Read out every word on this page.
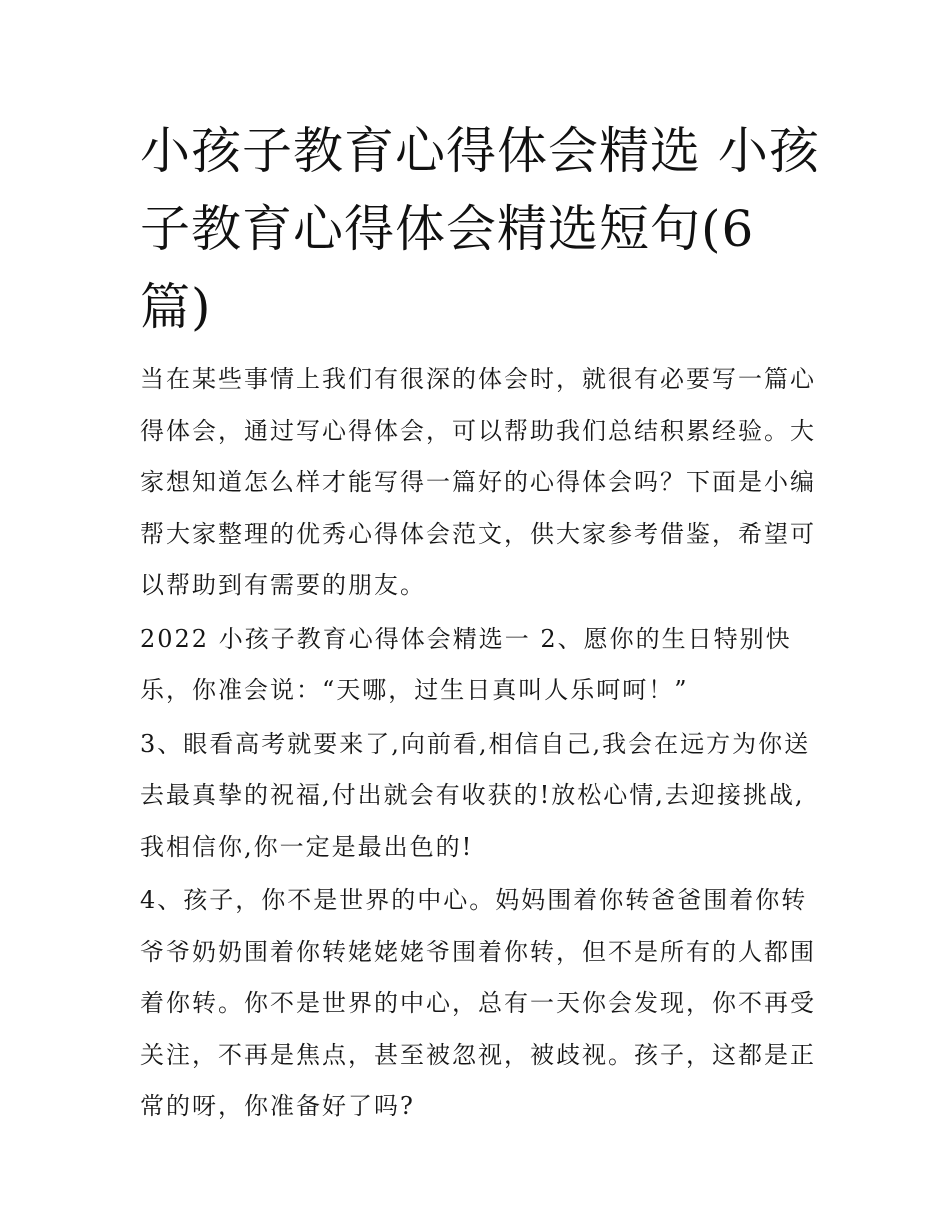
小孩子教育心得体会精选 小孩子教育心得体会精选短句(6篇)

当在某些事情上我们有很深的体会时，就很有必要写一篇心得体会，通过写心得体会，可以帮助我们总结积累经验。大家想知道怎么样才能写得一篇好的心得体会吗？下面是小编帮大家整理的优秀心得体会范文，供大家参考借鉴，希望可以帮助到有需要的朋友。

2022 小孩子教育心得体会精选一 2、愿你的生日特别快乐，你准会说：“天哪，过生日真叫人乐呵呵！”

3、眼看高考就要来了,向前看,相信自己,我会在远方为你送去最真挚的祝福,付出就会有收获的!放松心情,去迎接挑战,我相信你,你一定是最出色的!

4、孩子，你不是世界的中心。妈妈围着你转爸爸围着你转爷爷奶奶围着你转姥姥姥爷围着你转，但不是所有的人都围着你转。你不是世界的中心，总有一天你会发现，你不再受关注，不再是焦点，甚至被忽视，被歧视。孩子，这都是正常的呀，你准备好了吗?
